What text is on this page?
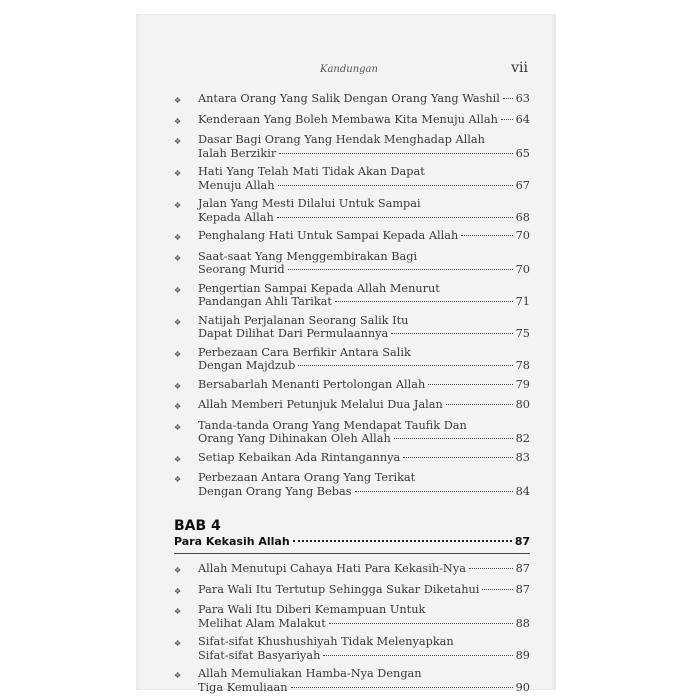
Kandungan	vii
❖	Antara Orang Yang Salik Dengan Orang Yang Washil 63
❖	Kenderaan Yang Boleh Membawa Kita Menuju Allah 64
❖	Dasar Bagi Orang Yang Hendak Menghadap Allah
Ialah Berzikir	65
❖	Hati Yang Telah Mati Tidak Akan Dapat
Menuju Allah	67
❖	Jalan Yang Mesti Dilalui Untuk Sampai
Kepada Allah	68
❖	Penghalang Hati Untuk Sampai Kepada Allah	70
❖	Saat-saat Yang Menggembirakan Bagi
Seorang Murid	70
❖	Pengertian Sampai Kepada Allah Menurut
Pandangan Ahli Tarikat	71
❖	Natijah Perjalanan Seorang Salik Itu
Dapat Dilihat Dari Permulaannya	75
❖	Perbezaan Cara Berfikir Antara Salik
Dengan Majdzub	78
❖	Bersabarlah Menanti Pertolongan Allah	79
❖	Allah Memberi Petunjuk Melalui Dua Jalan	80
❖	Tanda-tanda Orang Yang Mendapat Taufik Dan
Orang Yang Dihinakan Oleh Allah	82
❖	Setiap Kebaikan Ada Rintangannya	83
❖	Perbezaan Antara Orang Yang Terikat
Dengan Orang Yang Bebas	84
BAB 4
Para Kekasih Allah	87
❖	Allah Menutupi Cahaya Hati Para Kekasih-Nya	87
❖	Para Wali Itu Tertutup Sehingga Sukar Diketahui	87
❖	Para Wali Itu Diberi Kemampuan Untuk
Melihat Alam Malakut	88
❖	Sifat-sifat Khushushiyah Tidak Melenyapkan
Sifat-sifat Basyariyah	89
❖	Allah Memuliakan Hamba-Nya Dengan
Tiga Kemuliaan	90
